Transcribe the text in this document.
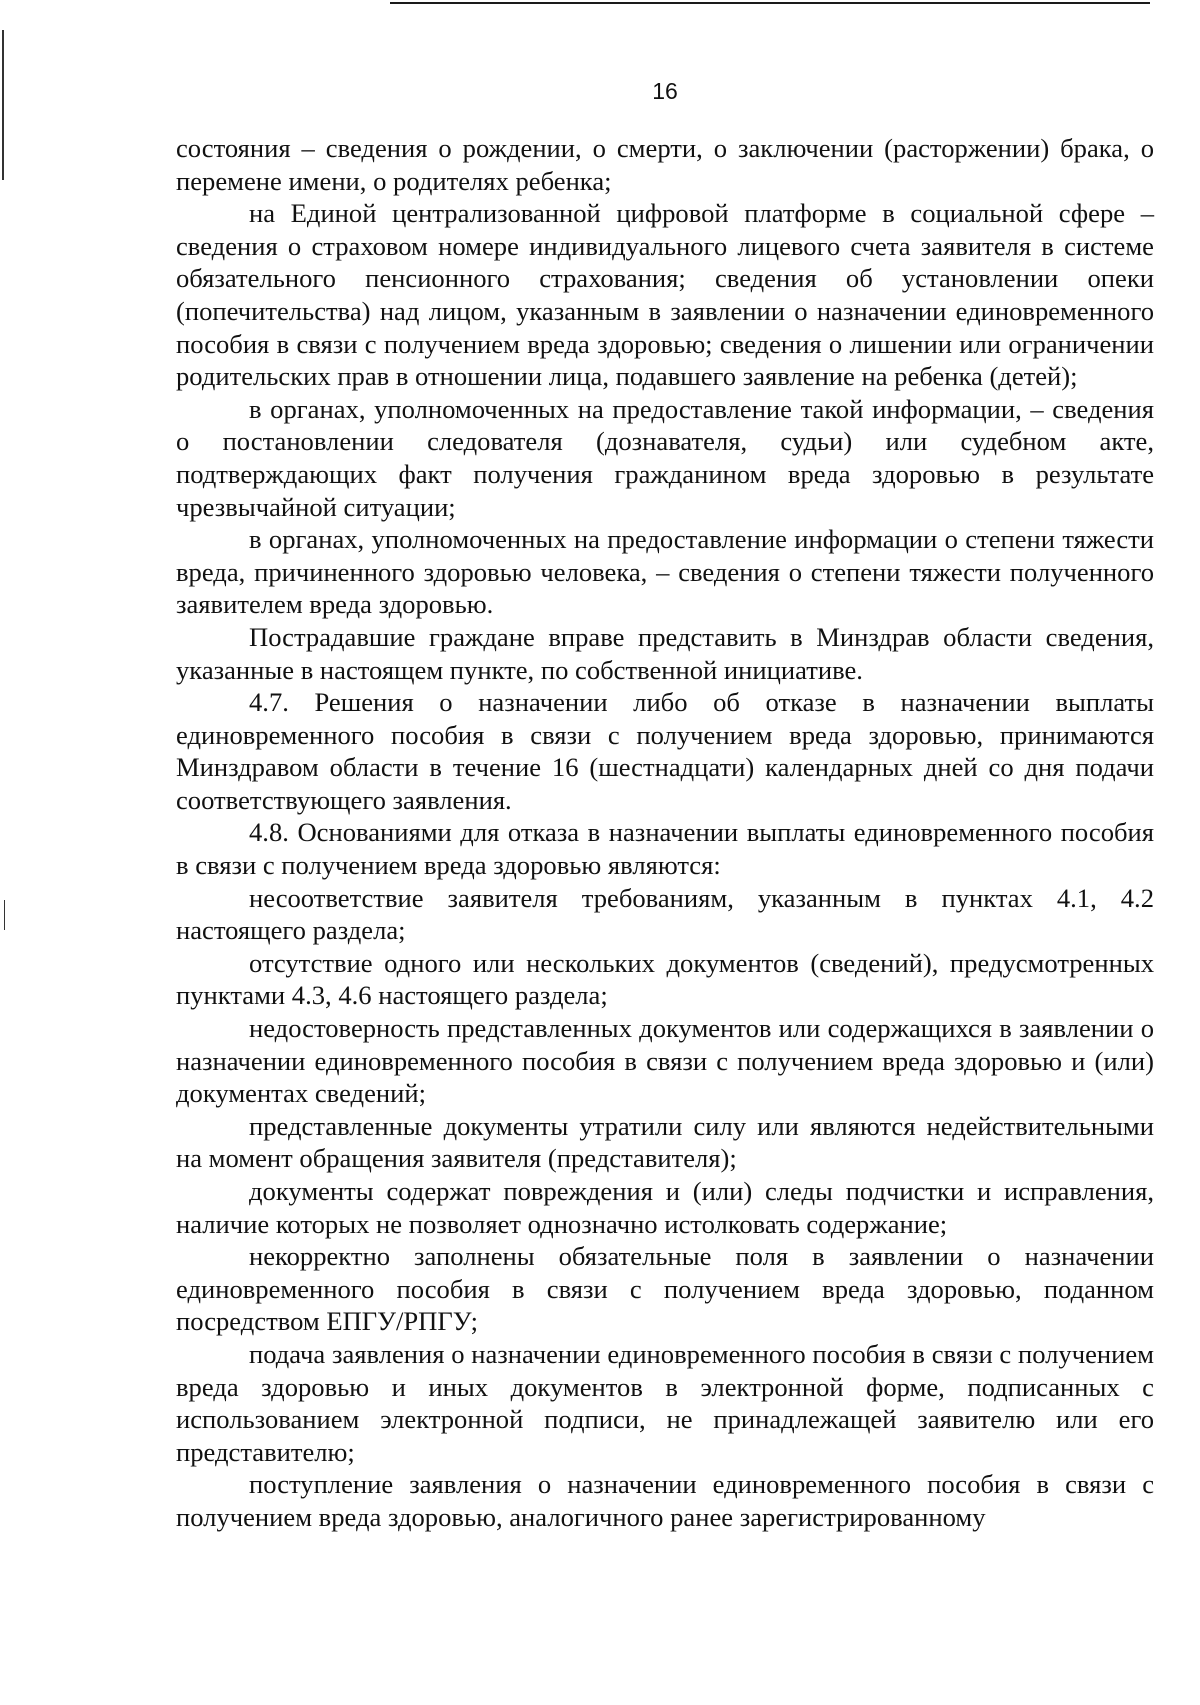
16

состояния – сведения о рождении, о смерти, о заключении (расторжении) брака, о перемене имени, о родителях ребенка;

на Единой централизованной цифровой платформе в социальной сфере – сведения о страховом номере индивидуального лицевого счета заявителя в системе обязательного пенсионного страхования; сведения об установлении опеки (попечительства) над лицом, указанным в заявлении о назначении единовременного пособия в связи с получением вреда здоровью; сведения о лишении или ограничении родительских прав в отношении лица, подавшего заявление на ребенка (детей);

в органах, уполномоченных на предоставление такой информации, – сведения о постановлении следователя (дознавателя, судьи) или судебном акте, подтверждающих факт получения гражданином вреда здоровью в результате чрезвычайной ситуации;

в органах, уполномоченных на предоставление информации о степени тяжести вреда, причиненного здоровью человека, – сведения о степени тяжести полученного заявителем вреда здоровью.

Пострадавшие граждане вправе представить в Минздрав области сведения, указанные в настоящем пункте, по собственной инициативе.

4.7. Решения о назначении либо об отказе в назначении выплаты единовременного пособия в связи с получением вреда здоровью, принимаются Минздравом области в течение 16 (шестнадцати) календарных дней со дня подачи соответствующего заявления.

4.8. Основаниями для отказа в назначении выплаты единовременного пособия в связи с получением вреда здоровью являются:

несоответствие заявителя требованиям, указанным в пунктах 4.1, 4.2 настоящего раздела;

отсутствие одного или нескольких документов (сведений), предусмотренных пунктами 4.3, 4.6 настоящего раздела;

недостоверность представленных документов или содержащихся в заявлении о назначении единовременного пособия в связи с получением вреда здоровью и (или) документах сведений;

представленные документы утратили силу или являются недействительными на момент обращения заявителя (представителя);

документы содержат повреждения и (или) следы подчистки и исправления, наличие которых не позволяет однозначно истолковать содержание;

некорректно заполнены обязательные поля в заявлении о назначении единовременного пособия в связи с получением вреда здоровью, поданном посредством ЕПГУ/РПГУ;

подача заявления о назначении единовременного пособия в связи с получением вреда здоровью и иных документов в электронной форме, подписанных с использованием электронной подписи, не принадлежащей заявителю или его представителю;

поступление заявления о назначении единовременного пособия в связи с получением вреда здоровью, аналогичного ранее зарегистрированному
